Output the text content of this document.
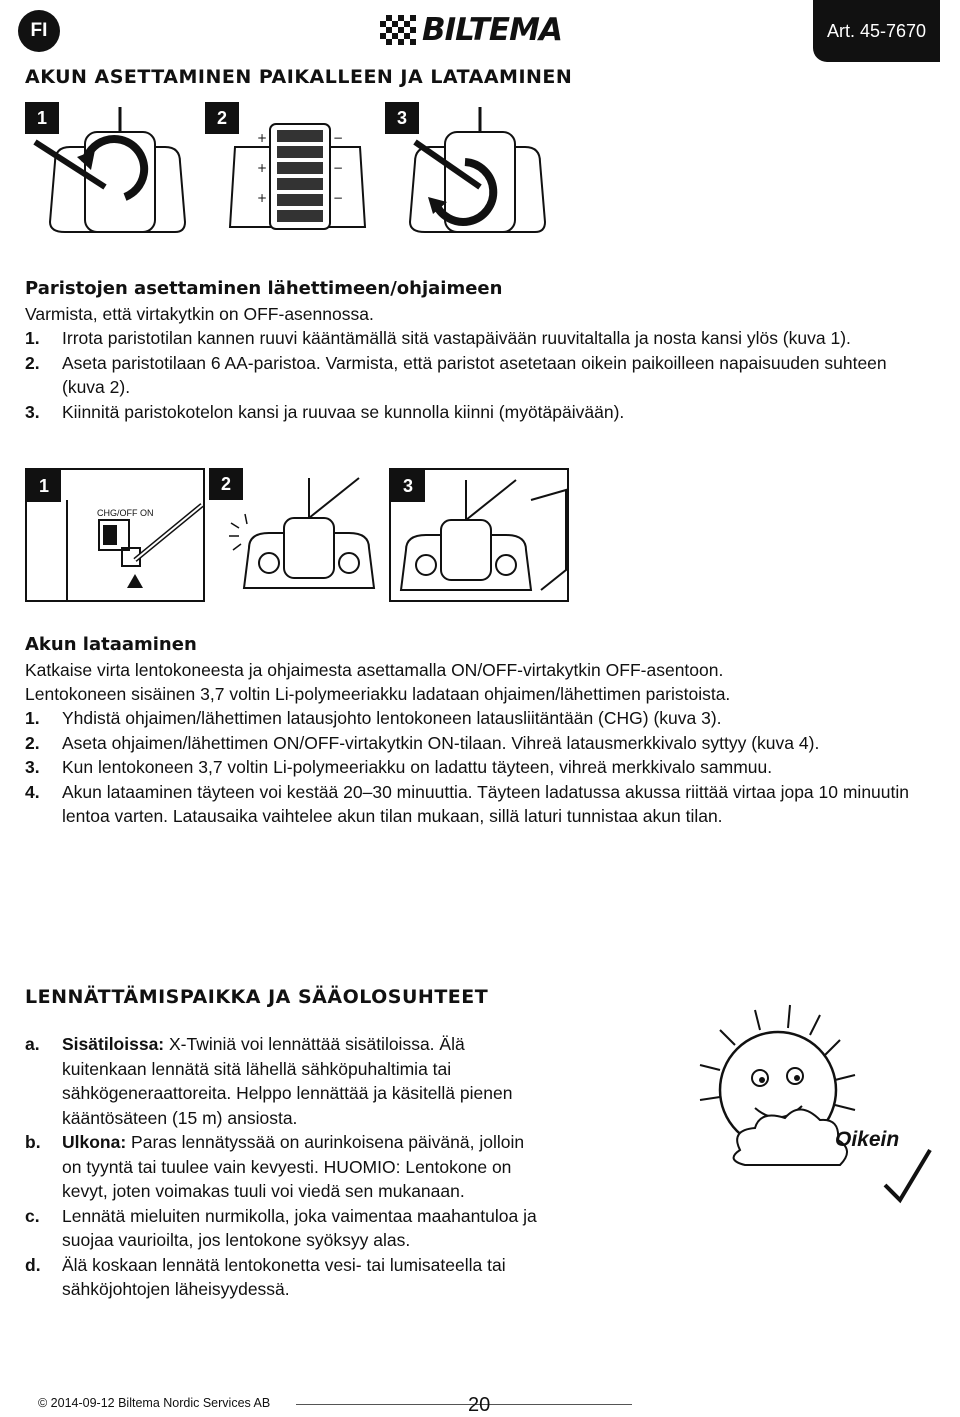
FI	BILTEMA	Art. 45-7670
AKUN ASETTAMINEN PAIKALLEEN JA LATAAMINEN
1	2
+
+
+
−
−
−
3
Paristojen asettaminen lähettimeen/ohjaimeen
Varmista, että virtakytkin on OFF-asennossa.
1.	Irrota paristotilan kannen ruuvi kääntämällä sitä vastapäivään ruuvitaltalla ja nosta kansi ylös (kuva 1).
2.	Aseta paristotilaan 6 AA-paristoa. Varmista, että paristot asetetaan oikein paikoilleen napaisuuden suhteen (kuva 2).
3.	Kiinnitä paristokotelon kansi ja ruuvaa se kunnolla kiinni (myötäpäivään).
1
CHG/OFF ON
2	3
Akun lataaminen
Katkaise virta lentokoneesta ja ohjaimesta asettamalla ON/OFF-virtakytkin OFF-asentoon.
Lentokoneen sisäinen 3,7 voltin Li-polymeeriakku ladataan ohjaimen/lähettimen paristoista.
1.	Yhdistä ohjaimen/lähettimen latausjohto lentokoneen latausliitäntään (CHG) (kuva 3).
2.	Aseta ohjaimen/lähettimen ON/OFF-virtakytkin ON-tilaan. Vihreä latausmerkkivalo syttyy (kuva 4).
3.	Kun lentokoneen 3,7 voltin Li-polymeeriakku on ladattu täyteen, vihreä merkkivalo sammuu.
4.	Akun lataaminen täyteen voi kestää 20–30 minuuttia. Täyteen ladatussa akussa riittää virtaa jopa 10 minuutin lentoa varten. Latausaika vaihtelee akun tilan mukaan, sillä laturi tunnistaa akun tilan.
LENNÄTTÄMISPAIKKA JA SÄÄOLOSUHTEET
a.	Sisätiloissa: X-Twiniä voi lennättää sisätiloissa. Älä kuitenkaan lennätä sitä lähellä sähköpuhaltimia tai sähkögeneraattoreita. Helppo lennättää ja käsitellä pienen kääntösäteen (15 m) ansiosta.
b.	Ulkona: Paras lennätyssää on aurinkoisena päivänä, jolloin on tyyntä tai tuulee vain kevyesti. HUOMIO: Lentokone on kevyt, joten voimakas tuuli voi viedä sen mukanaan.
c.	Lennätä mieluiten nurmikolla, joka vaimentaa maahantuloa ja suojaa vaurioilta, jos lentokone syöksyy alas.
d.	Älä koskaan lennätä lentokonetta vesi- tai lumisateella tai sähköjohtojen läheisyydessä.
Oikein
© 2014-09-12 Biltema Nordic Services AB	20
